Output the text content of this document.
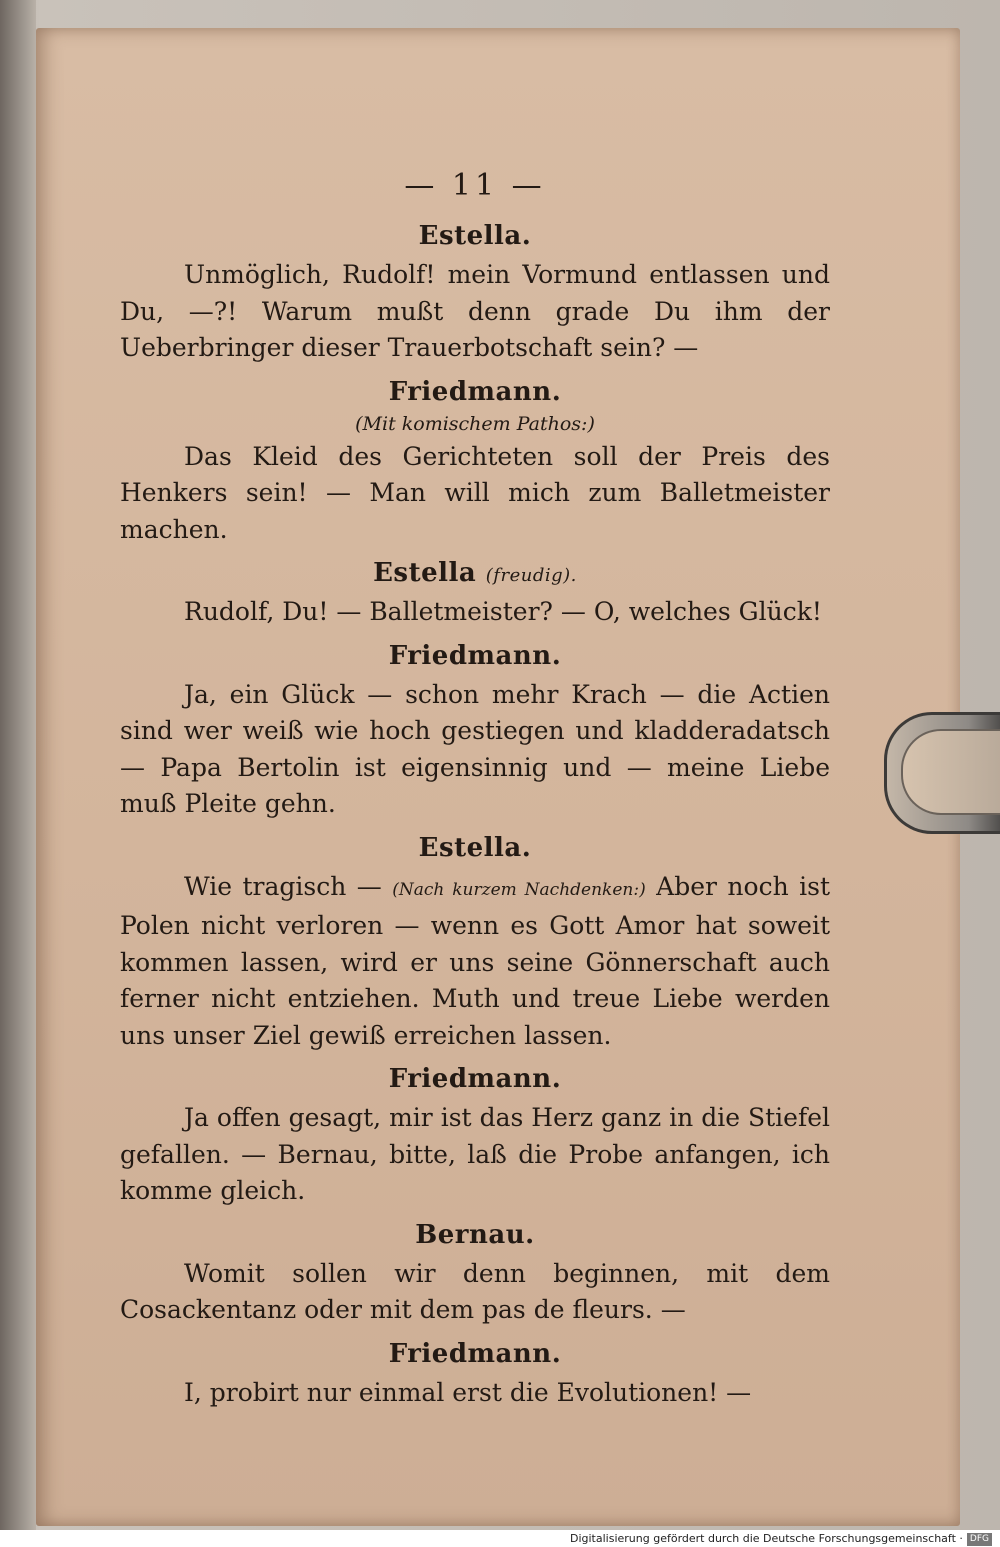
— 11 —
Estella.

Unmöglich, Rudolf! mein Vormund entlassen und Du, —?! Warum mußt denn grade Du ihm der Ueberbringer dieser Trauerbotschaft sein? —

Friedmann.
(Mit komischem Pathos:)

Das Kleid des Gerichteten soll der Preis des Henkers sein! — Man will mich zum Balletmeister machen.

Estella (freudig).

Rudolf, Du! — Balletmeister? — O, welches Glück!

Friedmann.

Ja, ein Glück — schon mehr Krach — die Actien sind wer weiß wie hoch gestiegen und kladderadatsch — Papa Bertolin ist eigensinnig und — meine Liebe muß Pleite gehn.

Estella.

Wie tragisch — (Nach kurzem Nachdenken:) Aber noch ist Polen nicht verloren — wenn es Gott Amor hat soweit kommen lassen, wird er uns seine Gönnerschaft auch ferner nicht entziehen. Muth und treue Liebe werden uns unser Ziel gewiß erreichen lassen.

Friedmann.

Ja offen gesagt, mir ist das Herz ganz in die Stiefel gefallen. — Bernau, bitte, laß die Probe anfangen, ich komme gleich.

Bernau.

Womit sollen wir denn beginnen, mit dem Cosackentanz oder mit dem pas de fleurs. —

Friedmann.

I, probirt nur einmal erst die Evolutionen! —

Digitalisierung gefördert durch die Deutsche Forschungsgemeinschaft · DFG
